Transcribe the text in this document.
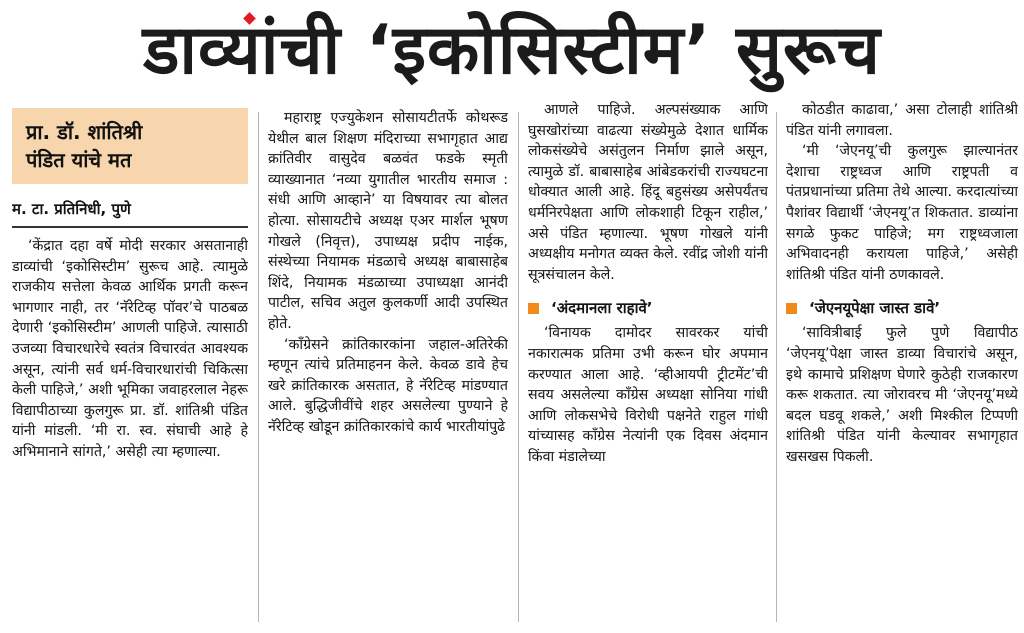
डाव्यांची ‘इकोसिस्टीम’ सुरूच
प्रा. डॉ. शांतिश्री
पंडित यांचे मत
म. टा. प्रतिनिधी, पुणे

‘केंद्रात दहा वर्षे मोदी सरकार असतानाही डाव्यांची ‘इकोसिस्टीम’ सुरूच आहे. त्यामुळे राजकीय सत्तेला केवळ आर्थिक प्रगती करून भागणार नाही, तर ‘नॅरेटिव्ह पॉवर’चे पाठबळ देणारी ‘इकोसिस्टीम’ आणली पाहिजे. त्यासाठी उजव्या विचारधारेचे स्वतंत्र विचारवंत आवश्यक असून, त्यांनी सर्व धर्म-विचारधारांची चिकित्सा केली पाहिजे,’ अशी भूमिका जवाहरलाल नेहरू विद्यापीठाच्या कुलगुरू प्रा. डॉ. शांतिश्री पंडित यांनी मांडली. ‘मी रा. स्व. संघाची आहे हे अभिमानाने सांगते,’ असेही त्या म्हणाल्या.

महाराष्ट्र एज्युकेशन सोसायटीतर्फे कोथरूड येथील बाल शिक्षण मंदिराच्या सभागृहात आद्य क्रांतिवीर वासुदेव बळवंत फडके स्मृती व्याख्यानात ‘नव्या युगातील भारतीय समाज : संधी आणि आव्हाने’ या विषयावर त्या बोलत होत्या. सोसायटीचे अध्यक्ष एअर मार्शल भूषण गोखले (निवृत्त), उपाध्यक्ष प्रदीप नाईक, संस्थेच्या नियामक मंडळाचे अध्यक्ष बाबासाहेब शिंदे, नियामक मंडळाच्या उपाध्यक्षा आनंदी पाटील, सचिव अतुल कुलकर्णी आदी उपस्थित होते.

‘काँग्रेसने क्रांतिकारकांना जहाल-अतिरेकी म्हणून त्यांचे प्रतिमाहनन केले. केवळ डावे हेच खरे क्रांतिकारक असतात, हे नॅरेटिव्ह मांडण्यात आले. बुद्धिजीवींचे शहर असलेल्या पुण्याने हे नॅरेटिव्ह खोडून क्रांतिकारकांचे कार्य भारतीयांपुढे

आणले पाहिजे. अल्पसंख्याक आणि घुसखोरांच्या वाढत्या संख्येमुळे देशात धार्मिक लोकसंख्येचे असंतुलन निर्माण झाले असून, त्यामुळे डॉ. बाबासाहेब आंबेडकरांची राज्यघटना धोक्यात आली आहे. हिंदू बहुसंख्य असेपर्यंतच धर्मनिरपेक्षता आणि लोकशाही टिकून राहील,’ असे पंडित म्हणाल्या. भूषण गोखले यांनी अध्यक्षीय मनोगत व्यक्त केले. रवींद्र जोशी यांनी सूत्रसंचालन केले.

‘अंदमानला राहावे’

‘विनायक दामोदर सावरकर यांची नकारात्मक प्रतिमा उभी करून घोर अपमान करण्यात आला आहे. ‘व्हीआयपी ट्रीटमेंट’ची सवय असलेल्या काँग्रेस अध्यक्षा सोनिया गांधी आणि लोकसभेचे विरोधी पक्षनेते राहुल गांधी यांच्यासह काँग्रेस नेत्यांनी एक दिवस अंदमान किंवा मंडालेच्या

कोठडीत काढावा,’ असा टोलाही शांतिश्री पंडित यांनी लगावला.

‘मी ‘जेएनयू’ची कुलगुरू झाल्यानंतर देशाचा राष्ट्रध्वज आणि राष्ट्रपती व पंतप्रधानांच्या प्रतिमा तेथे आल्या. करदात्यांच्या पैशांवर विद्यार्थी ‘जेएनयू’त शिकतात. डाव्यांना सगळे फुकट पाहिजे; मग राष्ट्रध्वजाला अभिवादनही करायला पाहिजे,’ असेही शांतिश्री पंडित यांनी ठणकावले.

‘जेएनयूपेक्षा जास्त डावे’

‘सावित्रीबाई फुले पुणे विद्यापीठ ‘जेएनयू’पेक्षा जास्त डाव्या विचारांचे असून, इथे कामाचे प्रशिक्षण घेणारे कुठेही राजकारण करू शकतात. त्या जोरावरच मी ‘जेएनयू’मध्ये बदल घडवू शकले,’ अशी मिश्कील टिप्पणी शांतिश्री पंडित यांनी केल्यावर सभागृहात खसखस पिकली.
